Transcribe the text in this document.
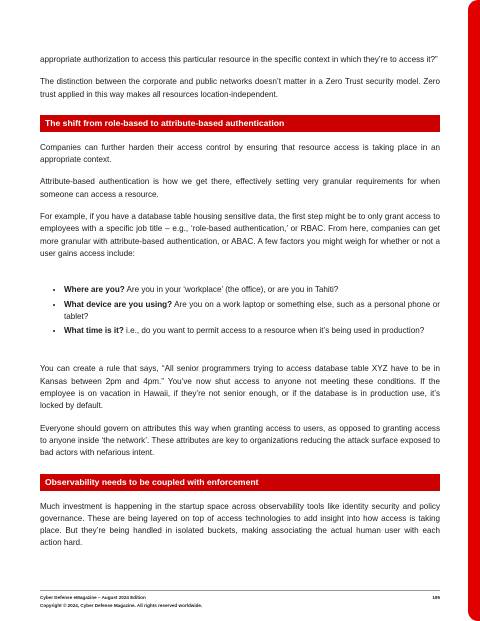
appropriate authorization to access this particular resource in the specific context in which they’re to access it?”

The distinction between the corporate and public networks doesn’t matter in a Zero Trust security model. Zero trust applied in this way makes all resources location-independent.

The shift from role-based to attribute-based authentication

Companies can further harden their access control by ensuring that resource access is taking place in an appropriate context.

Attribute-based authentication is how we get there, effectively setting very granular requirements for when someone can access a resource.

For example, if you have a database table housing sensitive data, the first step might be to only grant access to employees with a specific job title – e.g., ‘role-based authentication,’ or RBAC. From here, companies can get more granular with attribute-based authentication, or ABAC. A few factors you might weigh for whether or not a user gains access include:

• Where are you? Are you in your ‘workplace’ (the office), or are you in Tahiti?
• What device are you using? Are you on a work laptop or something else, such as a personal phone or tablet?
• What time is it? i.e., do you want to permit access to a resource when it’s being used in production?

You can create a rule that says, “All senior programmers trying to access database table XYZ have to be in Kansas between 2pm and 4pm.” You’ve now shut access to anyone not meeting these conditions. If the employee is on vacation in Hawaii, if they’re not senior enough, or if the database is in production use, it’s locked by default.

Everyone should govern on attributes this way when granting access to users, as opposed to granting access to anyone inside ‘the network’. These attributes are key to organizations reducing the attack surface exposed to bad actors with nefarious intent.

Observability needs to be coupled with enforcement

Much investment is happening in the startup space across observability tools like identity security and policy governance. These are being layered on top of access technologies to add insight into how access is taking place. But they’re being handled in isolated buckets, making associating the actual human user with each action hard.

Cyber Defense eMagazine – August 2024 Edition	195
Copyright © 2024, Cyber Defense Magazine. All rights reserved worldwide.
